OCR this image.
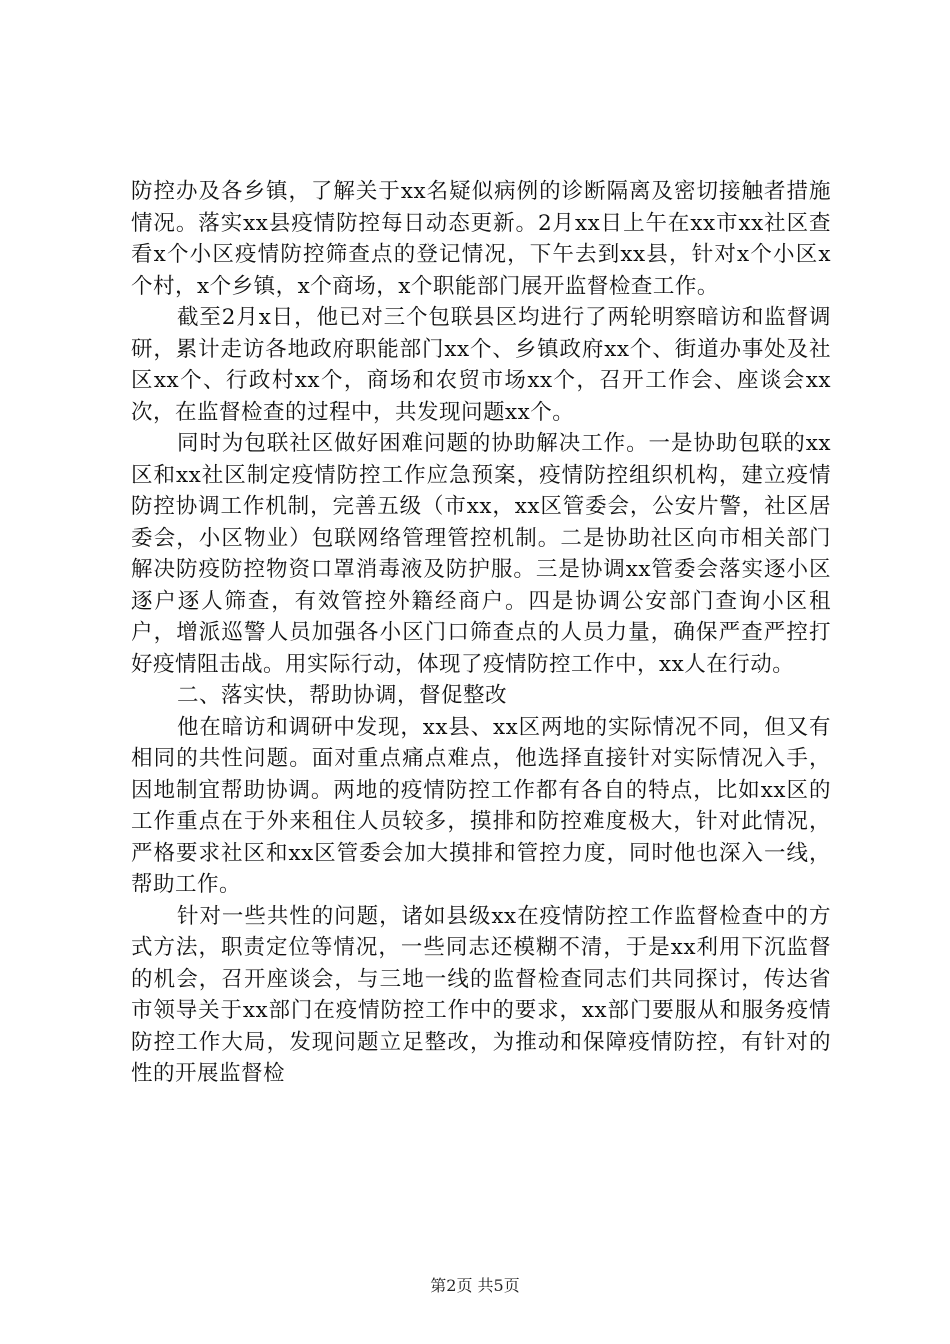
防控办及各乡镇，了解关于xx名疑似病例的诊断隔离及密切接触者措施情况。落实xx县疫情防控每日动态更新。2月xx日上午在xx市xx社区查看x个小区疫情防控筛查点的登记情况，下午去到xx县，针对x个小区x个村，x个乡镇，x个商场，x个职能部门展开监督检查工作。

截至2月x日，他已对三个包联县区均进行了两轮明察暗访和监督调研，累计走访各地政府职能部门xx个、乡镇政府xx个、街道办事处及社区xx个、行政村xx个，商场和农贸市场xx个，召开工作会、座谈会xx次，在监督检查的过程中，共发现问题xx个。

同时为包联社区做好困难问题的协助解决工作。一是协助包联的xx区和xx社区制定疫情防控工作应急预案，疫情防控组织机构，建立疫情防控协调工作机制，完善五级（市xx，xx区管委会，公安片警，社区居委会，小区物业）包联网络管理管控机制。二是协助社区向市相关部门解决防疫防控物资口罩消毒液及防护服。三是协调xx管委会落实逐小区逐户逐人筛查，有效管控外籍经商户。四是协调公安部门查询小区租户，增派巡警人员加强各小区门口筛查点的人员力量，确保严查严控打好疫情阻击战。用实际行动，体现了疫情防控工作中，xx人在行动。

二、落实快，帮助协调，督促整改

他在暗访和调研中发现，xx县、xx区两地的实际情况不同，但又有相同的共性问题。面对重点痛点难点，他选择直接针对实际情况入手，因地制宜帮助协调。两地的疫情防控工作都有各自的特点，比如xx区的工作重点在于外来租住人员较多，摸排和防控难度极大，针对此情况，严格要求社区和xx区管委会加大摸排和管控力度，同时他也深入一线，帮助工作。

针对一些共性的问题，诸如县级xx在疫情防控工作监督检查中的方式方法，职责定位等情况，一些同志还模糊不清，于是xx利用下沉监督的机会，召开座谈会，与三地一线的监督检查同志们共同探讨，传达省市领导关于xx部门在疫情防控工作中的要求，xx部门要服从和服务疫情防控工作大局，发现问题立足整改，为推动和保障疫情防控，有针对的性的开展监督检

第2页 共5页
